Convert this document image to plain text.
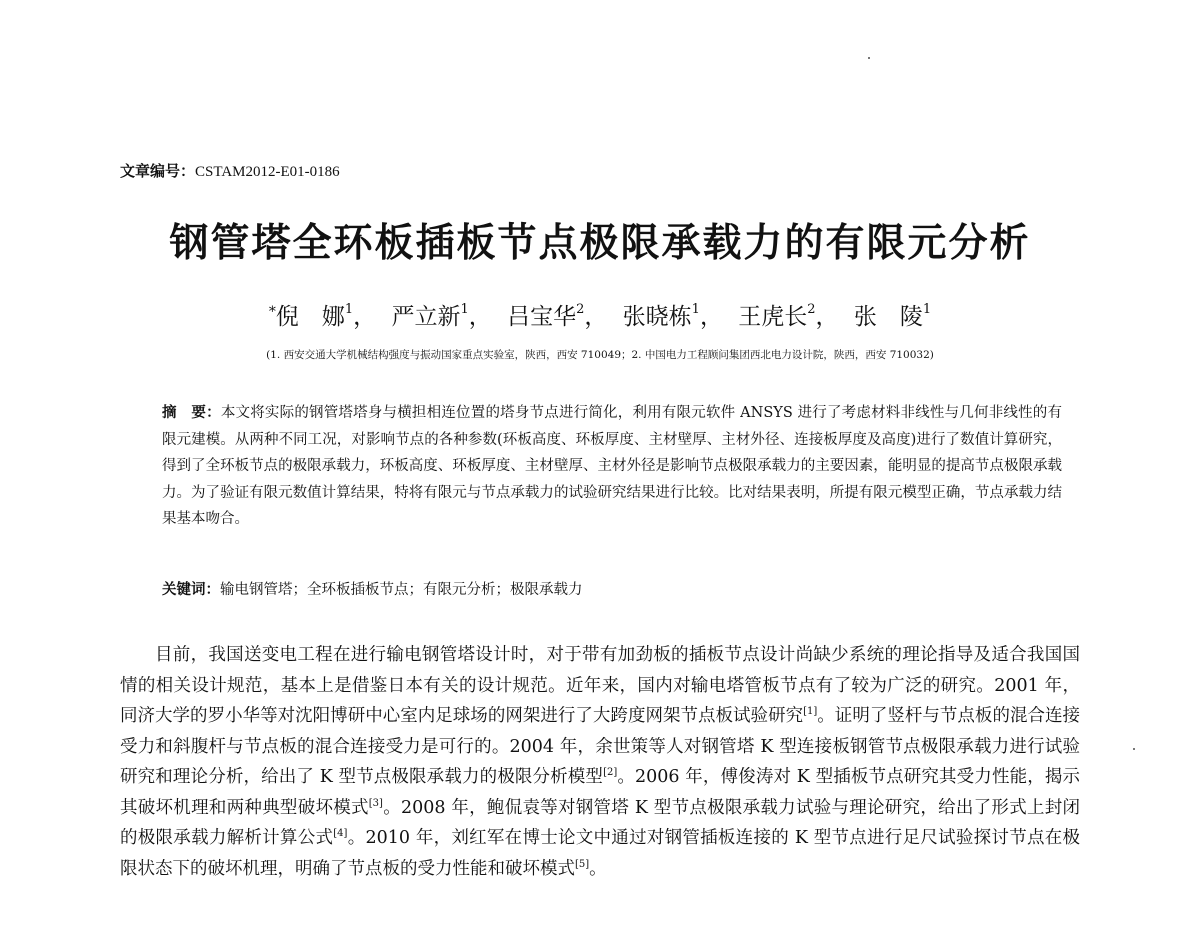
文章编号：CSTAM2012-E01-0186
钢管塔全环板插板节点极限承载力的有限元分析
*倪　娜$^1$， 严立新$^1$， 吕宝华$^2$， 张晓栋$^1$， 王虎长$^2$， 张　陵$^1$
(1. 西安交通大学机械结构强度与振动国家重点实验室，陕西，西安 710049；2. 中国电力工程顾问集团西北电力设计院，陕西，西安 710032)
摘　要：本文将实际的钢管塔塔身与横担相连位置的塔身节点进行简化，利用有限元软件 ANSYS 进行了考虑材料非线性与几何非线性的有限元建模。从两种不同工况，对影响节点的各种参数(环板高度、环板厚度、主材壁厚、主材外径、连接板厚度及高度)进行了数值计算研究，得到了全环板节点的极限承载力，环板高度、环板厚度、主材壁厚、主材外径是影响节点极限承载力的主要因素，能明显的提高节点极限承载力。为了验证有限元数值计算结果，特将有限元与节点承载力的试验研究结果进行比较。比对结果表明，所提有限元模型正确，节点承载力结果基本吻合。
关键词：输电钢管塔；全环板插板节点；有限元分析；极限承载力

目前，我国送变电工程在进行输电钢管塔设计时，对于带有加劲板的插板节点设计尚缺少系统的理论指导及适合我国国情的相关设计规范，基本上是借鉴日本有关的设计规范。近年来，国内对输电塔管板节点有了较为广泛的研究。2001 年，同济大学的罗小华等对沈阳博研中心室内足球场的网架进行了大跨度网架节点板试验研究[1]。证明了竖杆与节点板的混合连接受力和斜腹杆与节点板的混合连接受力是可行的。2004 年，余世策等人对钢管塔 K 型连接板钢管节点极限承载力进行试验研究和理论分析，给出了 K 型节点极限承载力的极限分析模型[2]。2006 年，傅俊涛对 K 型插板节点研究其受力性能，揭示其破坏机理和两种典型破坏模式[3]。2008 年，鲍侃袁等对钢管塔 K 型节点极限承载力试验与理论研究，给出了形式上封闭的极限承载力解析计算公式[4]。2010 年，刘红军在博士论文中通过对钢管插板连接的 K 型节点进行足尺试验探讨节点在极限状态下的破坏机理，明确了节点板的受力性能和破坏模式[5]。
